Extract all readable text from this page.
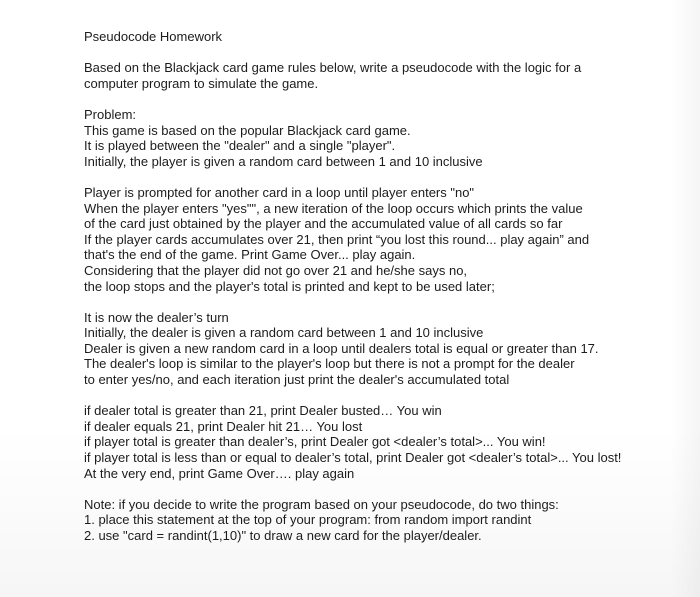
Pseudocode Homework

Based on the Blackjack card game rules below, write a pseudocode with the logic for a

computer program to simulate the game.

Problem:

This game is based on the popular Blackjack card game.

It is played between the "dealer" and a single "player".

Initially, the player is given a random card between 1 and 10 inclusive

Player is prompted for another card in a loop until player enters "no"

When the player enters "yes"", a new iteration of the loop occurs which prints the value

of the card just obtained by the player and the accumulated value of all cards so far

If the player cards accumulates over 21, then print “you lost this round... play again” and

that's the end of the game. Print Game Over... play again.

Considering that the player did not go over 21 and he/she says no,

the loop stops and the player's total is printed and kept to be used later;

It is now the dealer’s turn

Initially, the dealer is given a random card between 1 and 10 inclusive

Dealer is given a new random card in a loop until dealers total is equal or greater than 17.

The dealer's loop is similar to the player's loop but there is not a prompt for the dealer

to enter yes/no, and each iteration just print the dealer's accumulated total

if dealer total is greater than 21, print Dealer busted… You win

if dealer equals 21, print Dealer hit 21… You lost

if player total is greater than dealer’s, print Dealer got <dealer’s total>... You win!

if player total is less than or equal to dealer’s total, print Dealer got <dealer’s total>... You lost!

At the very end, print Game Over…. play again

Note: if you decide to write the program based on your pseudocode, do two things:

1. place this statement at the top of your program: from random import randint

2. use "card = randint(1,10)" to draw a new card for the player/dealer.
